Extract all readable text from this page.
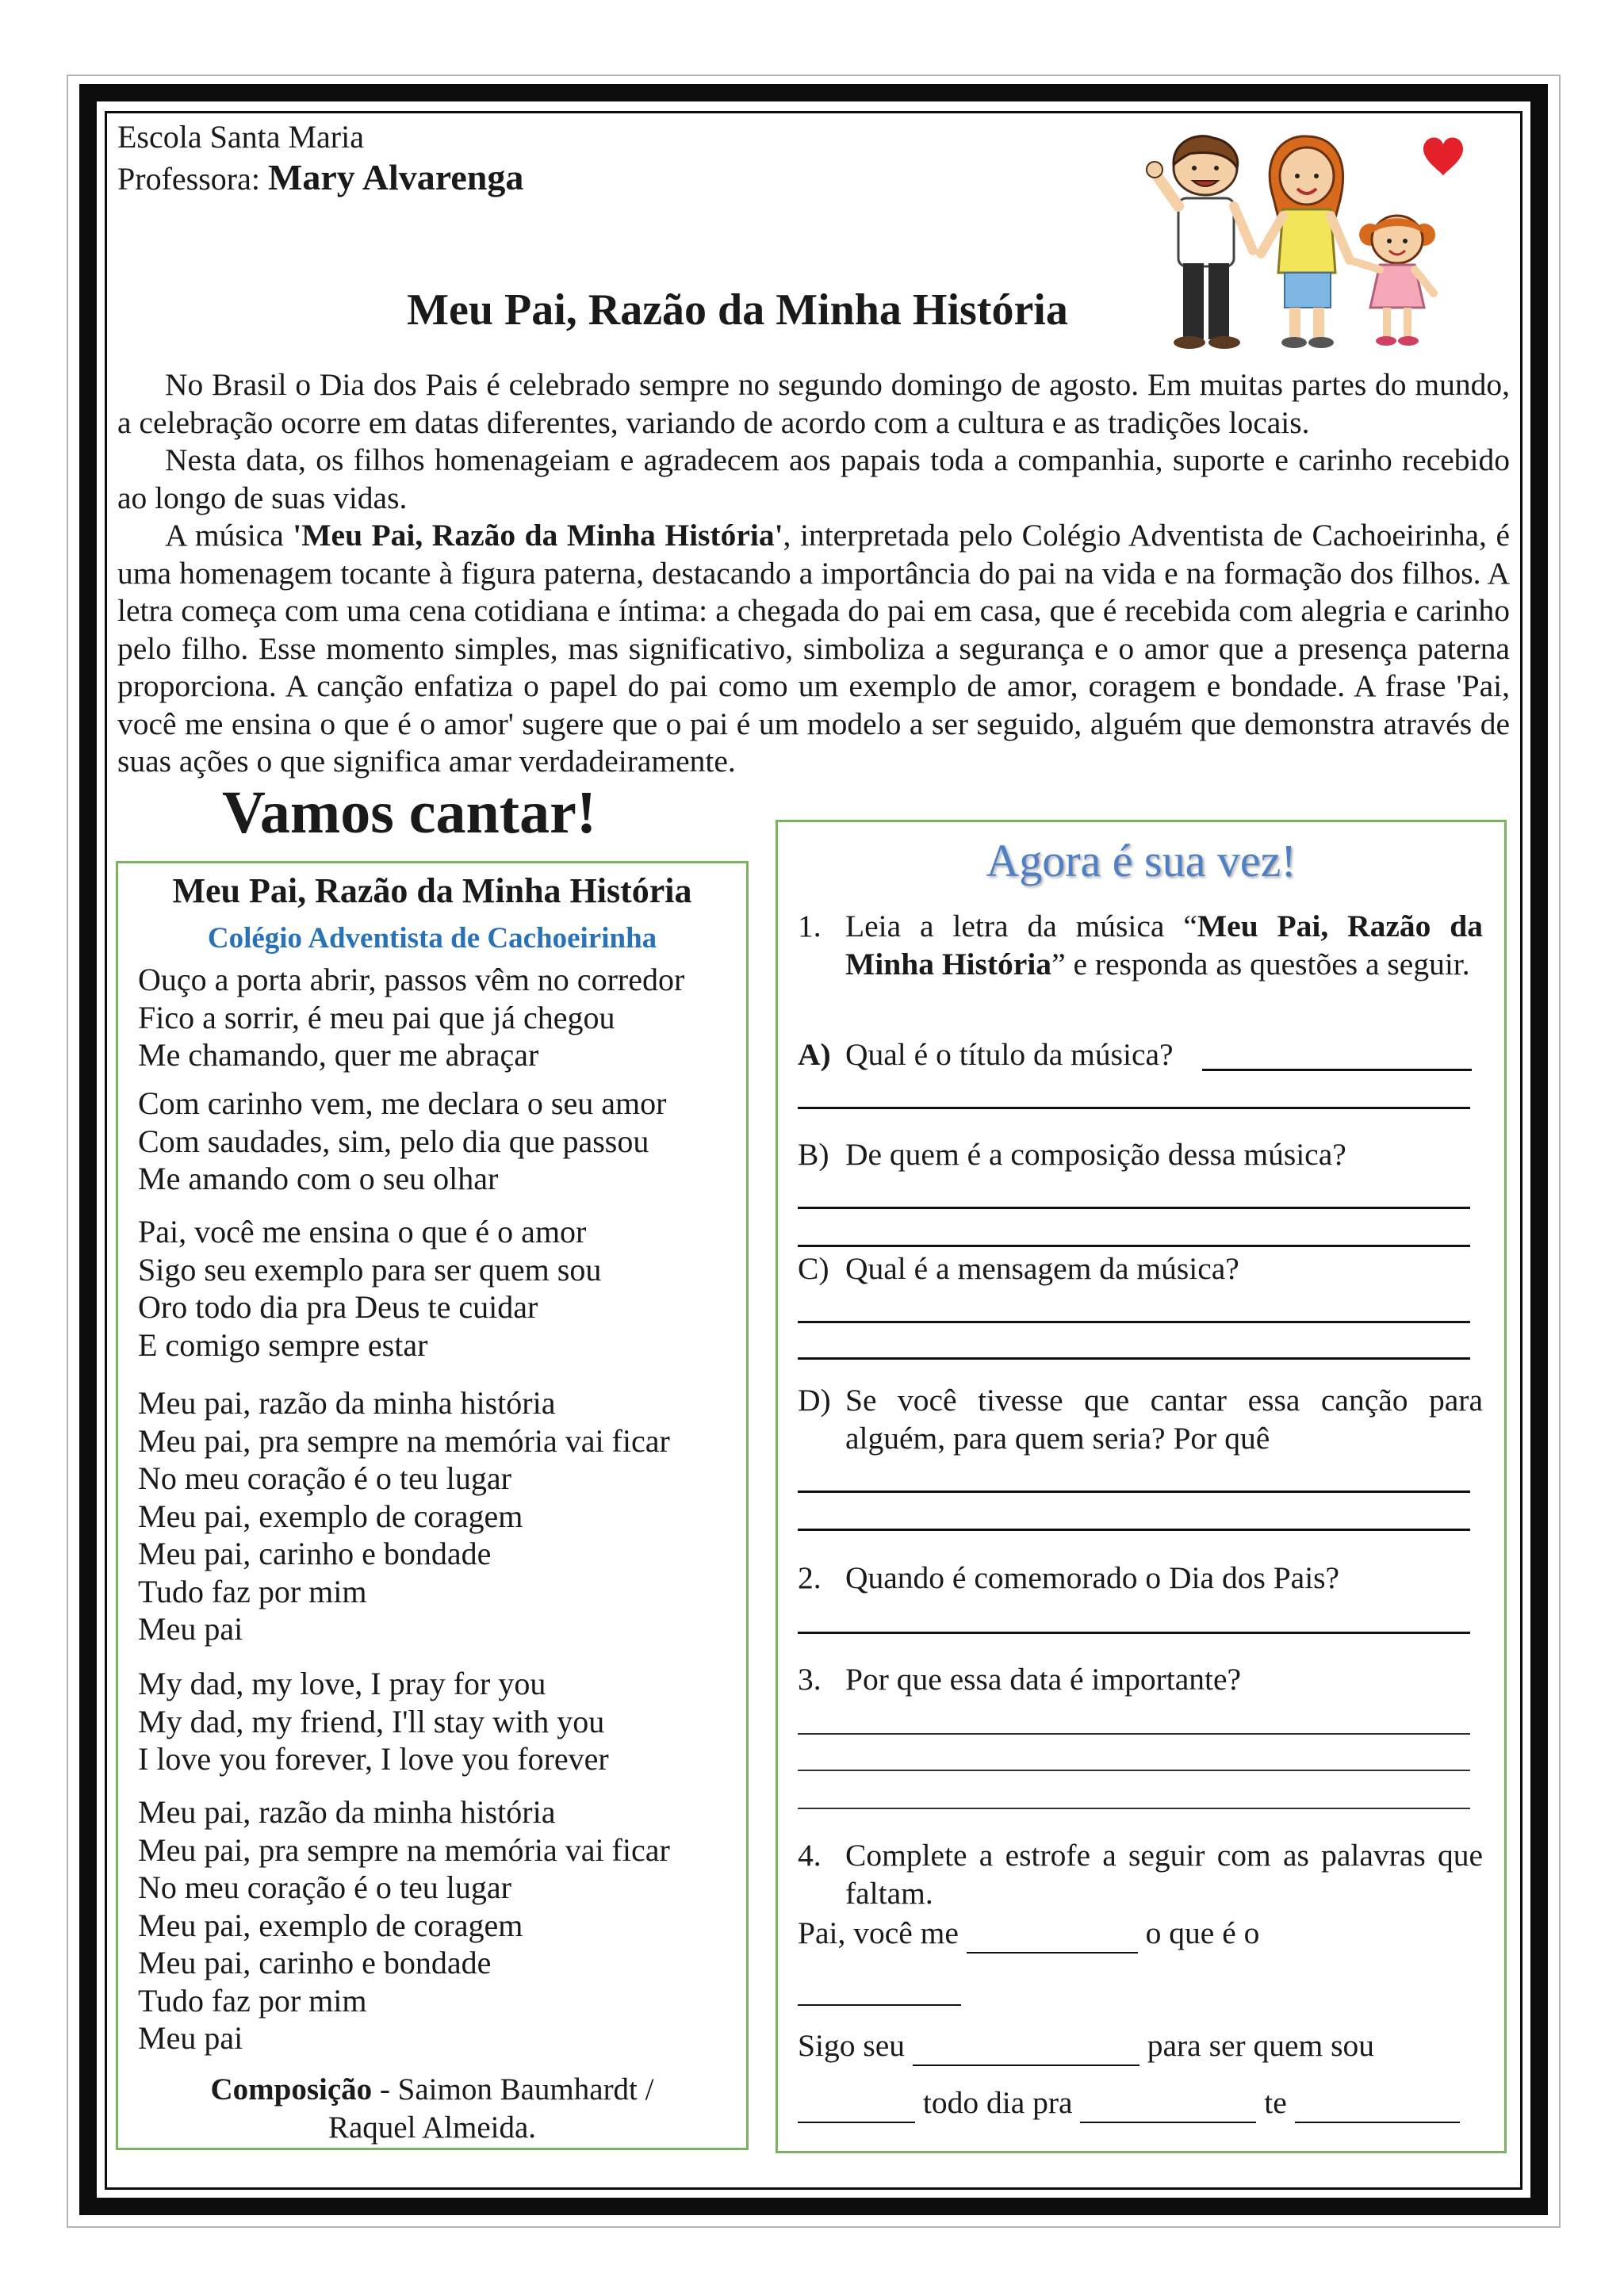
Escola Santa Maria
Professora: Mary Alvarenga
Meu Pai, Razão da Minha História

No Brasil o Dia dos Pais é celebrado sempre no segundo domingo de agosto. Em muitas partes do mundo, a celebração ocorre em datas diferentes, variando de acordo com a cultura e as tradições locais.

Nesta data, os filhos homenageiam e agradecem aos papais toda a companhia, suporte e carinho recebido ao longo de suas vidas.

A música 'Meu Pai, Razão da Minha História', interpretada pelo Colégio Adventista de Cachoeirinha, é uma homenagem tocante à figura paterna, destacando a importância do pai na vida e na formação dos filhos. A letra começa com uma cena cotidiana e íntima: a chegada do pai em casa, que é recebida com alegria e carinho pelo filho. Esse momento simples, mas significativo, simboliza a segurança e o amor que a presença paterna proporciona. A canção enfatiza o papel do pai como um exemplo de amor, coragem e bondade. A frase 'Pai, você me ensina o que é o amor' sugere que o pai é um modelo a ser seguido, alguém que demonstra através de suas ações o que significa amar verdadeiramente.

Vamos cantar!
Meu Pai, Razão da Minha História
Colégio Adventista de Cachoeirinha
Ouço a porta abrir, passos vêm no corredor
Fico a sorrir, é meu pai que já chegou
Me chamando, quer me abraçar
Com carinho vem, me declara o seu amor
Com saudades, sim, pelo dia que passou
Me amando com o seu olhar
Pai, você me ensina o que é o amor
Sigo seu exemplo para ser quem sou
Oro todo dia pra Deus te cuidar
E comigo sempre estar
Meu pai, razão da minha história
Meu pai, pra sempre na memória vai ficar
No meu coração é o teu lugar
Meu pai, exemplo de coragem
Meu pai, carinho e bondade
Tudo faz por mim
Meu pai
My dad, my love, I pray for you
My dad, my friend, I'll stay with you
I love you forever, I love you forever
Meu pai, razão da minha história
Meu pai, pra sempre na memória vai ficar
No meu coração é o teu lugar
Meu pai, exemplo de coragem
Meu pai, carinho e bondade
Tudo faz por mim
Meu pai
Composição - Saimon Baumhardt /
Raquel Almeida.
Agora é sua vez!
1. Leia a letra da música “Meu Pai, Razão da Minha História” e responda as questões a seguir.
A) Qual é o título da música?
B) De quem é a composição dessa música?
C) Qual é a mensagem da música?
D) Se você tivesse que cantar essa canção para alguém, para quem seria? Por quê
2. Quando é comemorado o Dia dos Pais?
3. Por que essa data é importante?
4. Complete a estrofe a seguir com as palavras que faltam.
Pai, você me	o que é o

Sigo seu	para ser quem sou
todo dia pra	te
